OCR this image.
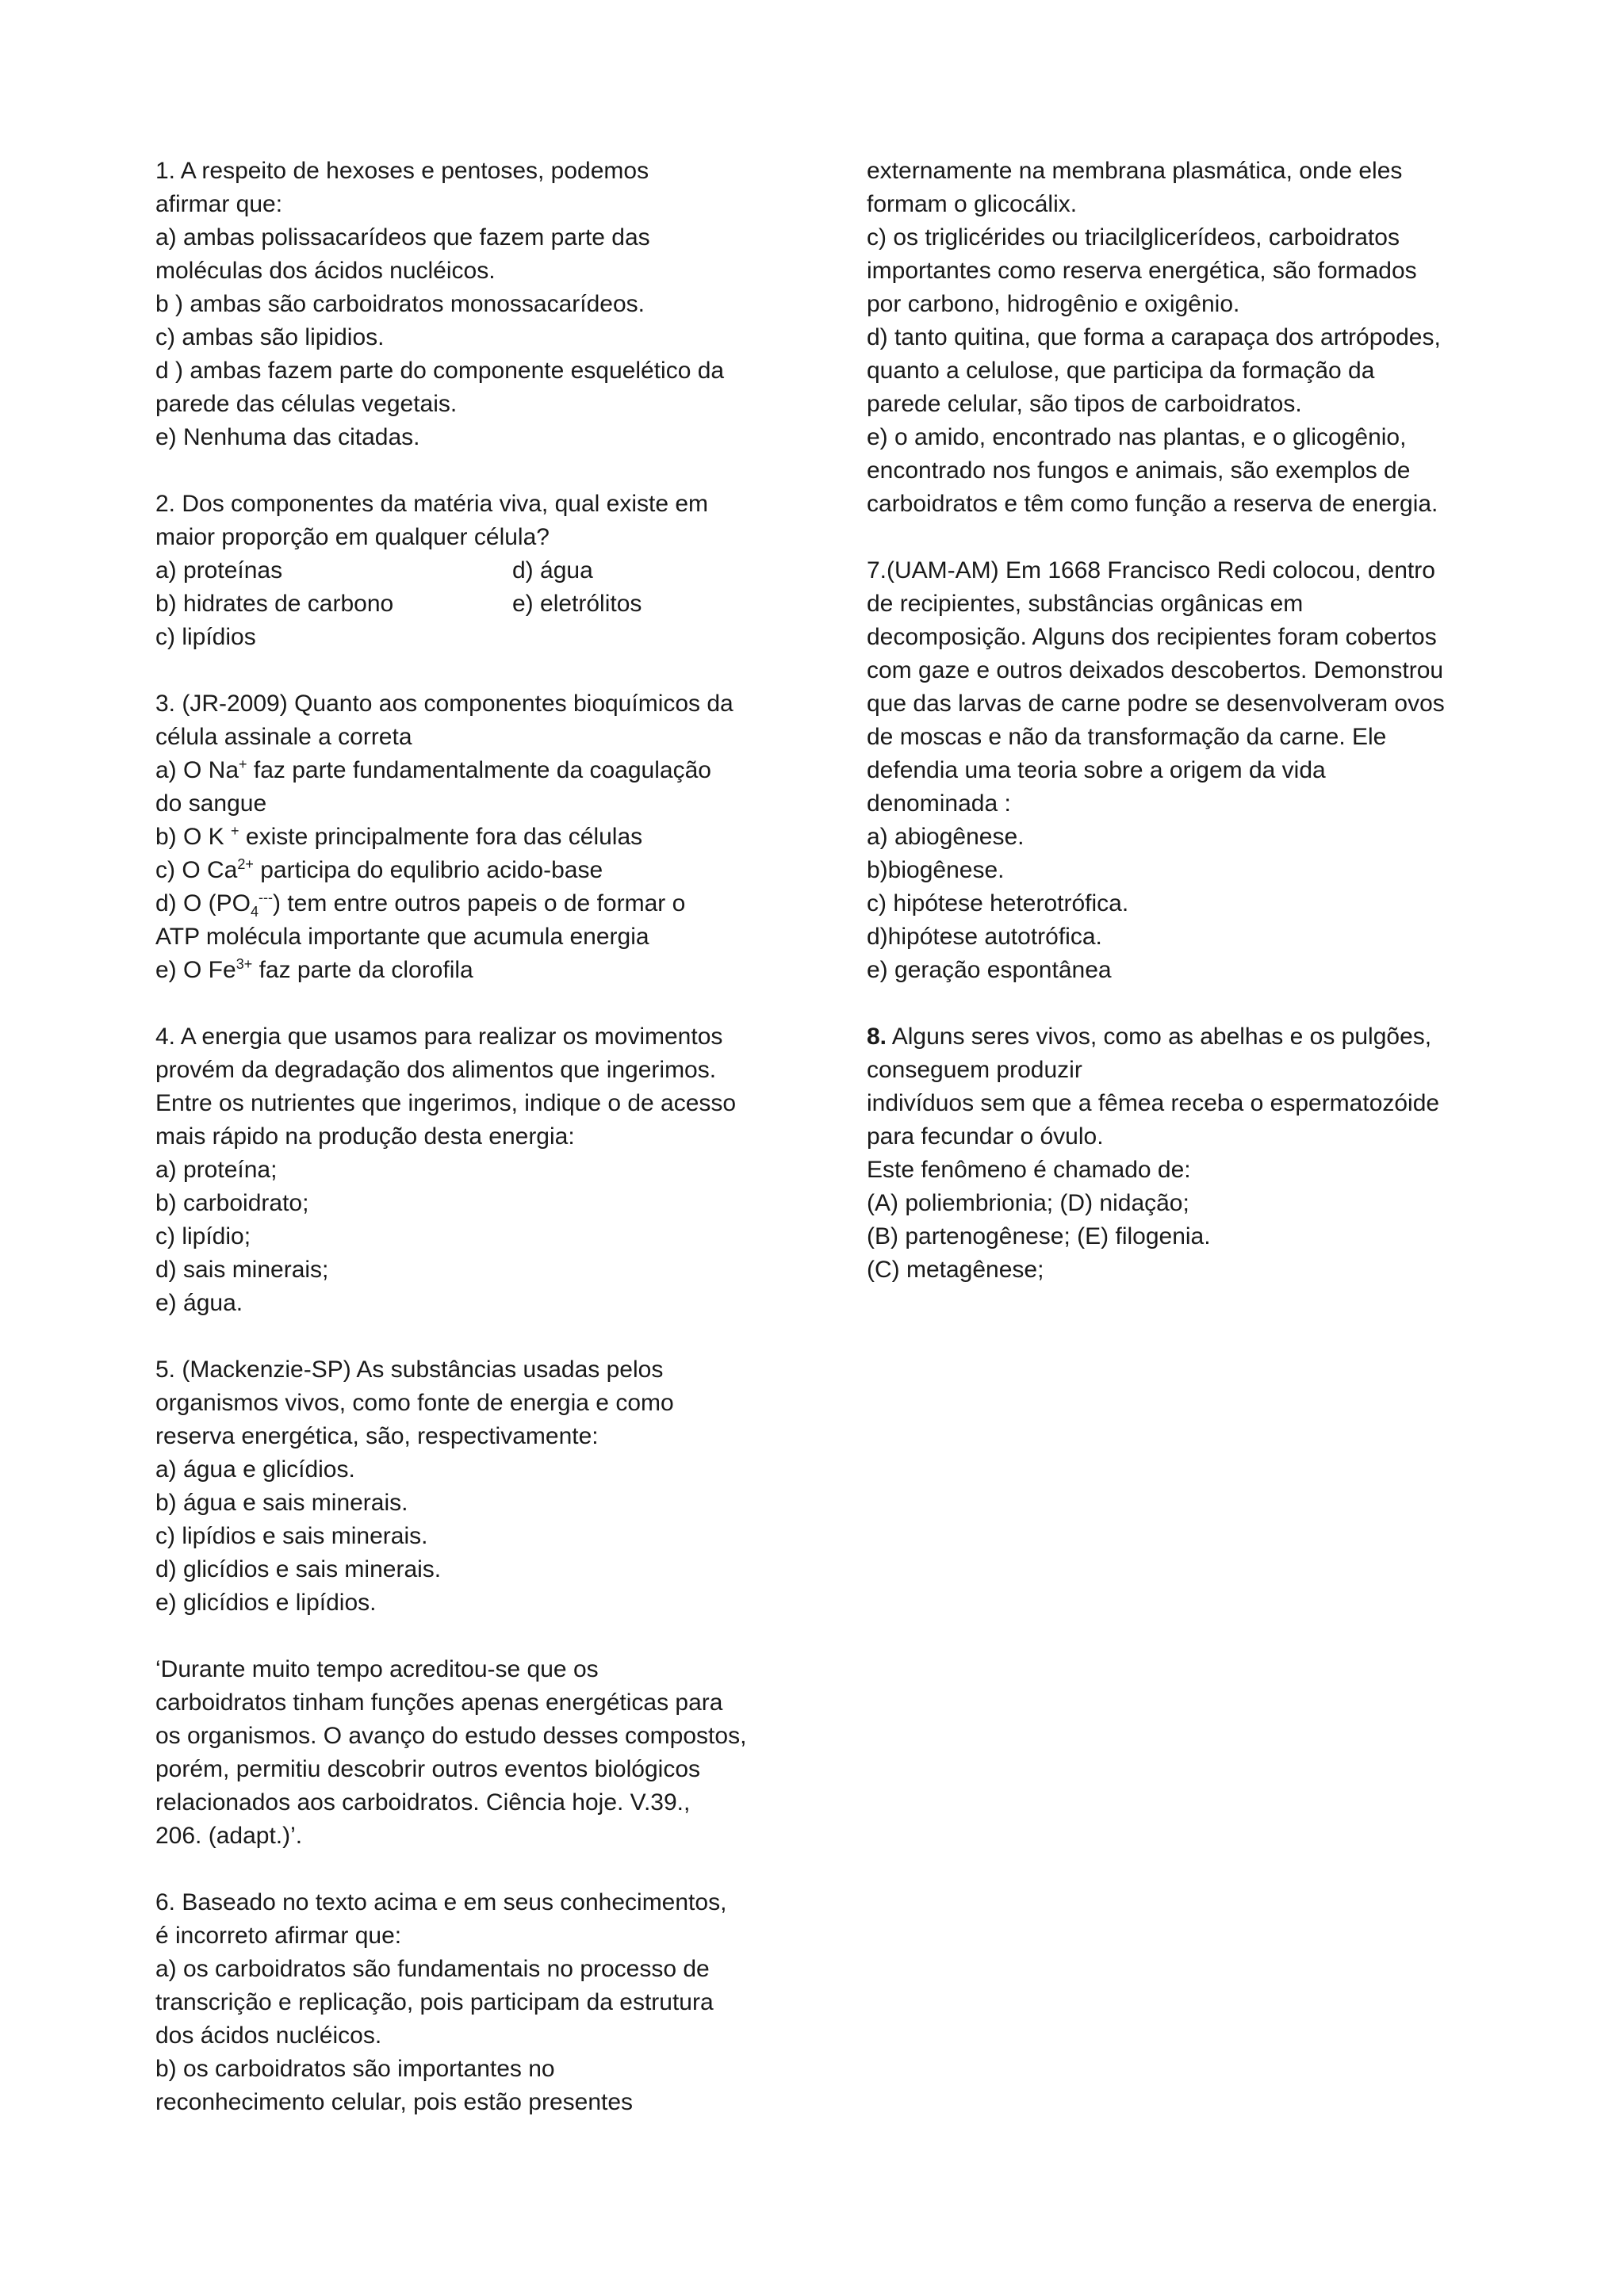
1. A respeito de hexoses e pentoses, podemos
afirmar que:
a) ambas polissacarídeos que fazem parte das
moléculas dos ácidos nucléicos.
b ) ambas são carboidratos monossacarídeos.
c) ambas são lipidios.
d ) ambas fazem parte do componente esquelético da
parede das células vegetais.
e) Nenhuma das citadas.
2. Dos componentes da matéria viva, qual existe em
maior proporção em qualquer célula?
a) proteínas	d) água
b) hidrates de carbono	e) eletrólitos
c) lipídios
3. (JR-2009) Quanto aos componentes bioquímicos da
célula assinale a correta
a) O Na+ faz parte fundamentalmente da coagulação
do sangue
b) O K + existe principalmente fora das células
c) O $Ca^{2+}$ participa do equlibrio acido-base
d) O $(PO_4^{---})$ tem entre outros papeis o de formar o
ATP molécula importante que acumula energia
e) O $Fe^{3+}$ faz parte da clorofila
4. A energia que usamos para realizar os movimentos
provém da degradação dos alimentos que ingerimos.
Entre os nutrientes que ingerimos, indique o de acesso
mais rápido na produção desta energia:
a) proteína;
b) carboidrato;
c) lipídio;
d) sais minerais;
e) água.
5. (Mackenzie-SP) As substâncias usadas pelos
organismos vivos, como fonte de energia e como
reserva energética, são, respectivamente:
a) água e glicídios.
b) água e sais minerais.
c) lipídios e sais minerais.
d) glicídios e sais minerais.
e) glicídios e lipídios.
‘Durante muito tempo acreditou-se que os
carboidratos tinham funções apenas energéticas para
os organismos. O avanço do estudo desses compostos,
porém, permitiu descobrir outros eventos biológicos
relacionados aos carboidratos. Ciência hoje. V.39.,
206. (adapt.)’.
6. Baseado no texto acima e em seus conhecimentos,
é incorreto afirmar que:
a) os carboidratos são fundamentais no processo de
transcrição e replicação, pois participam da estrutura
dos ácidos nucléicos.
b) os carboidratos são importantes no
reconhecimento celular, pois estão presentes
externamente na membrana plasmática, onde eles
formam o glicocálix.
c) os triglicérides ou triacilglicerídeos, carboidratos
importantes como reserva energética, são formados
por carbono, hidrogênio e oxigênio.
d) tanto quitina, que forma a carapaça dos artrópodes,
quanto a celulose, que participa da formação da
parede celular, são tipos de carboidratos.
e) o amido, encontrado nas plantas, e o glicogênio,
encontrado nos fungos e animais, são exemplos de
carboidratos e têm como função a reserva de energia.
7.(UAM-AM) Em 1668 Francisco Redi colocou, dentro
de recipientes, substâncias orgânicas em
decomposição. Alguns dos recipientes foram cobertos
com gaze e outros deixados descobertos. Demonstrou
que das larvas de carne podre se desenvolveram ovos
de moscas e não da transformação da carne. Ele
defendia uma teoria sobre a origem da vida
denominada :
a) abiogênese.
b)biogênese.
c) hipótese heterotrófica.
d)hipótese autotrófica.
e) geração espontânea
8. Alguns seres vivos, como as abelhas e os pulgões,
conseguem produzir
indivíduos sem que a fêmea receba o espermatozóide
para fecundar o óvulo.
Este fenômeno é chamado de:
(A) poliembrionia; (D) nidação;
(B) partenogênese; (E) filogenia.
(C) metagênese;
